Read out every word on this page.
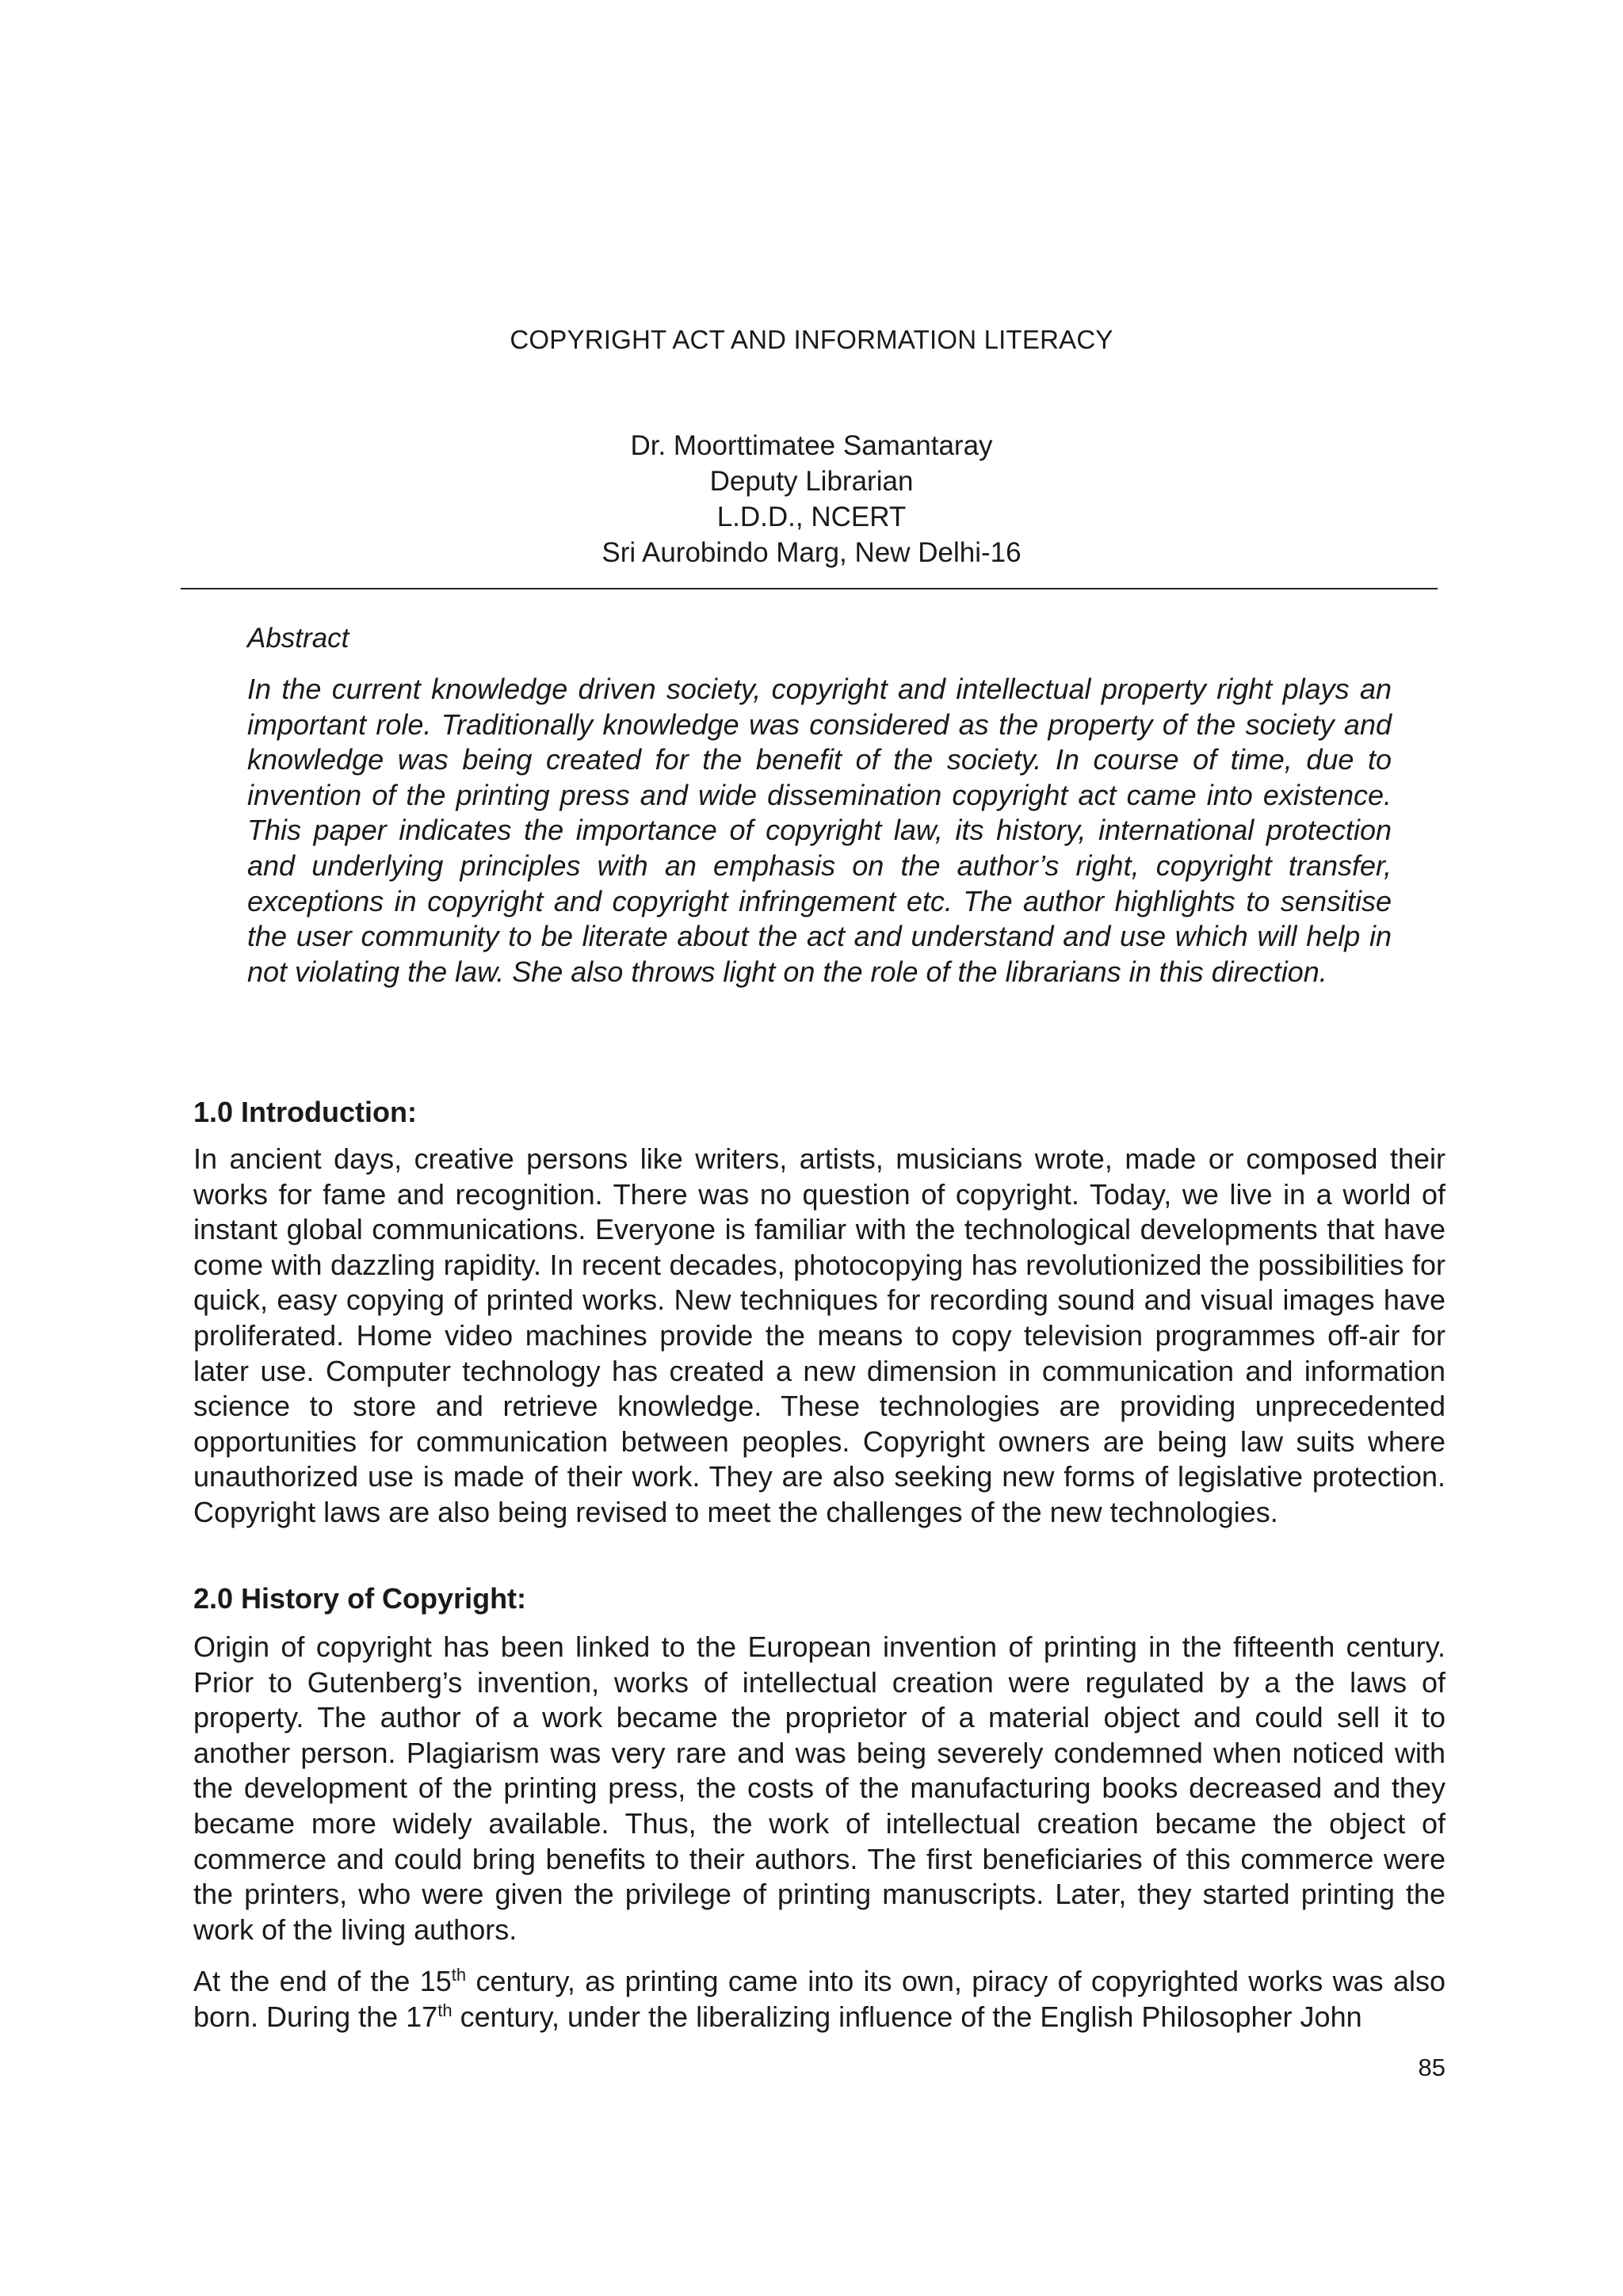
COPYRIGHT ACT AND INFORMATION LITERACY
Dr. Moorttimatee Samantaray
Deputy Librarian
L.D.D., NCERT
Sri Aurobindo Marg, New Delhi-16
Abstract

In the current knowledge driven society, copyright and intellectual property right plays an important role. Traditionally knowledge was considered as the property of the society and knowledge was being created for the benefit of the society. In course of time, due to invention of the printing press and wide dissemination copyright act came into existence. This paper indicates the importance of copyright law, its history, international protection and underlying principles with an emphasis on the author’s right, copyright transfer, exceptions in copyright and copyright infringement etc. The author highlights to sensitise the user community to be literate about the act and understand and use which will help in not violating the law. She also throws light on the role of the librarians in this direction.

1.0 Introduction:

In ancient days, creative persons like writers, artists, musicians wrote, made or composed their works for fame and recognition. There was no question of copyright. Today, we live in a world of instant global communications. Everyone is familiar with the technological developments that have come with dazzling rapidity. In recent decades, photocopying has revolutionized the possibilities for quick, easy copying of printed works. New techniques for recording sound and visual images have proliferated. Home video machines provide the means to copy television programmes off-air for later use. Computer technology has created a new dimension in communication and information science to store and retrieve knowledge. These technologies are providing unprecedented opportunities for communication between peoples. Copyright owners are being law suits where unauthorized use is made of their work. They are also seeking new forms of legislative protection. Copyright laws are also being revised to meet the challenges of the new technologies.

2.0 History of Copyright:

Origin of copyright has been linked to the European invention of printing in the fifteenth century. Prior to Gutenberg’s invention, works of intellectual creation were regulated by a the laws of property. The author of a work became the proprietor of a material object and could sell it to another person. Plagiarism was very rare and was being severely condemned when noticed with the development of the printing press, the costs of the manufacturing books decreased and they became more widely available. Thus, the work of intellectual creation became the object of commerce and could bring benefits to their authors. The first beneficiaries of this commerce were the printers, who were given the privilege of printing manuscripts. Later, they started printing the work of the living authors.

At the end of the 15th century, as printing came into its own, piracy of copyrighted works was also born. During the 17th century, under the liberalizing influence of the English Philosopher John

85
